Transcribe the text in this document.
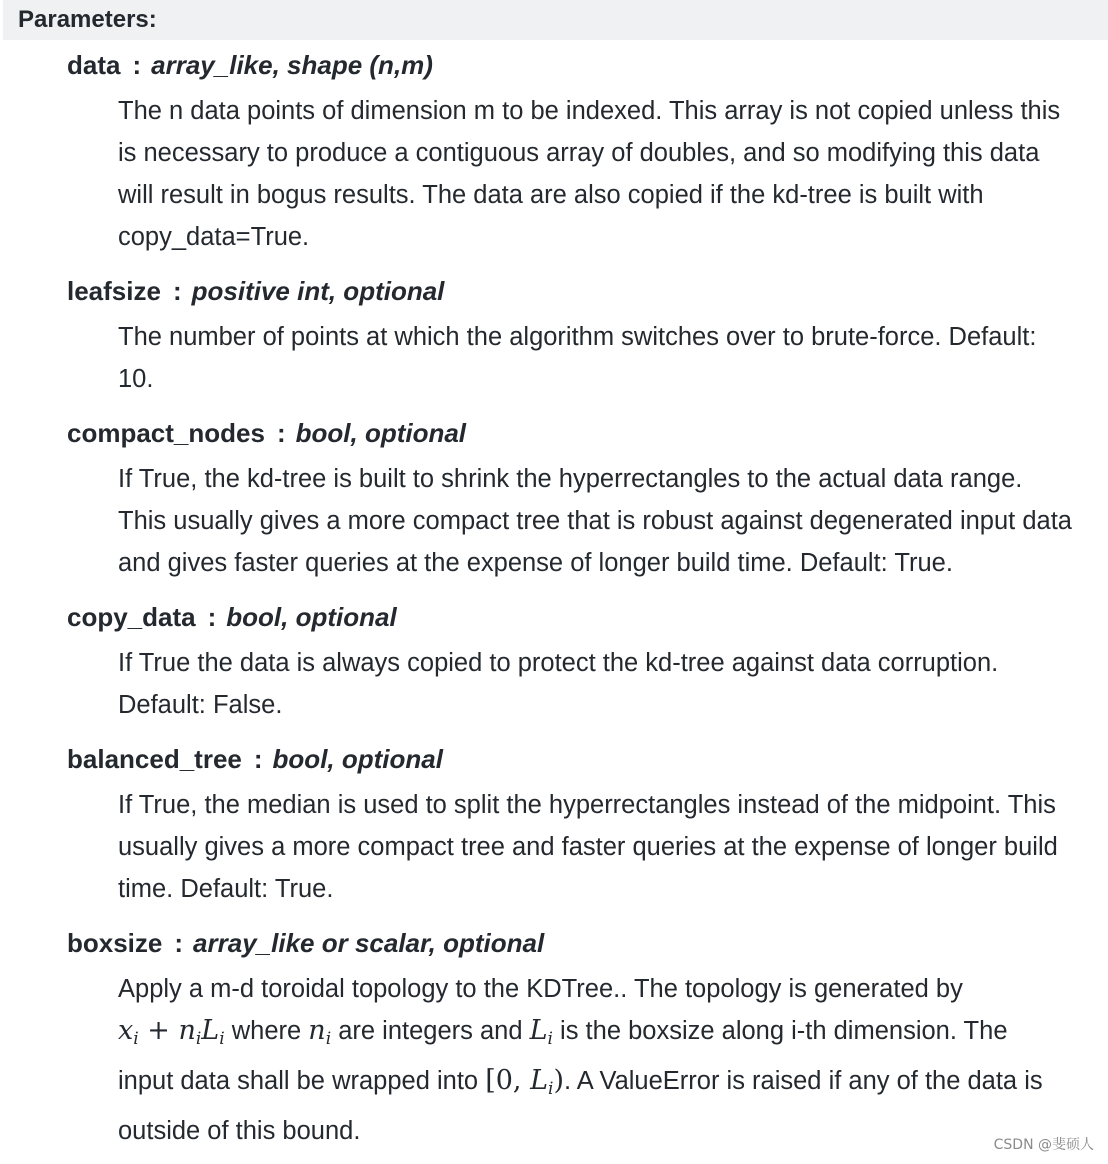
Parameters:
data : array_like, shape (n,m)
The n data points of dimension m to be indexed. This array is not copied unless this
is necessary to produce a contiguous array of doubles, and so modifying this data
will result in bogus results. The data are also copied if the kd-tree is built with
copy_data=True.
leafsize : positive int, optional
The number of points at which the algorithm switches over to brute-force. Default:
10.
compact_nodes : bool, optional
If True, the kd-tree is built to shrink the hyperrectangles to the actual data range.
This usually gives a more compact tree that is robust against degenerated input data
and gives faster queries at the expense of longer build time. Default: True.
copy_data : bool, optional
If True the data is always copied to protect the kd-tree against data corruption.
Default: False.
balanced_tree : bool, optional
If True, the median is used to split the hyperrectangles instead of the midpoint. This
usually gives a more compact tree and faster queries at the expense of longer build
time. Default: True.
boxsize : array_like or scalar, optional
Apply a m-d toroidal topology to the KDTree.. The topology is generated by
$x_i + n_iL_i$ where $n_i$ are integers and $L_i$ is the boxsize along i-th dimension. The
input data shall be wrapped into [0, $L_i$). A ValueError is raised if any of the data is
outside of this bound.	CSDN @斐硕人
